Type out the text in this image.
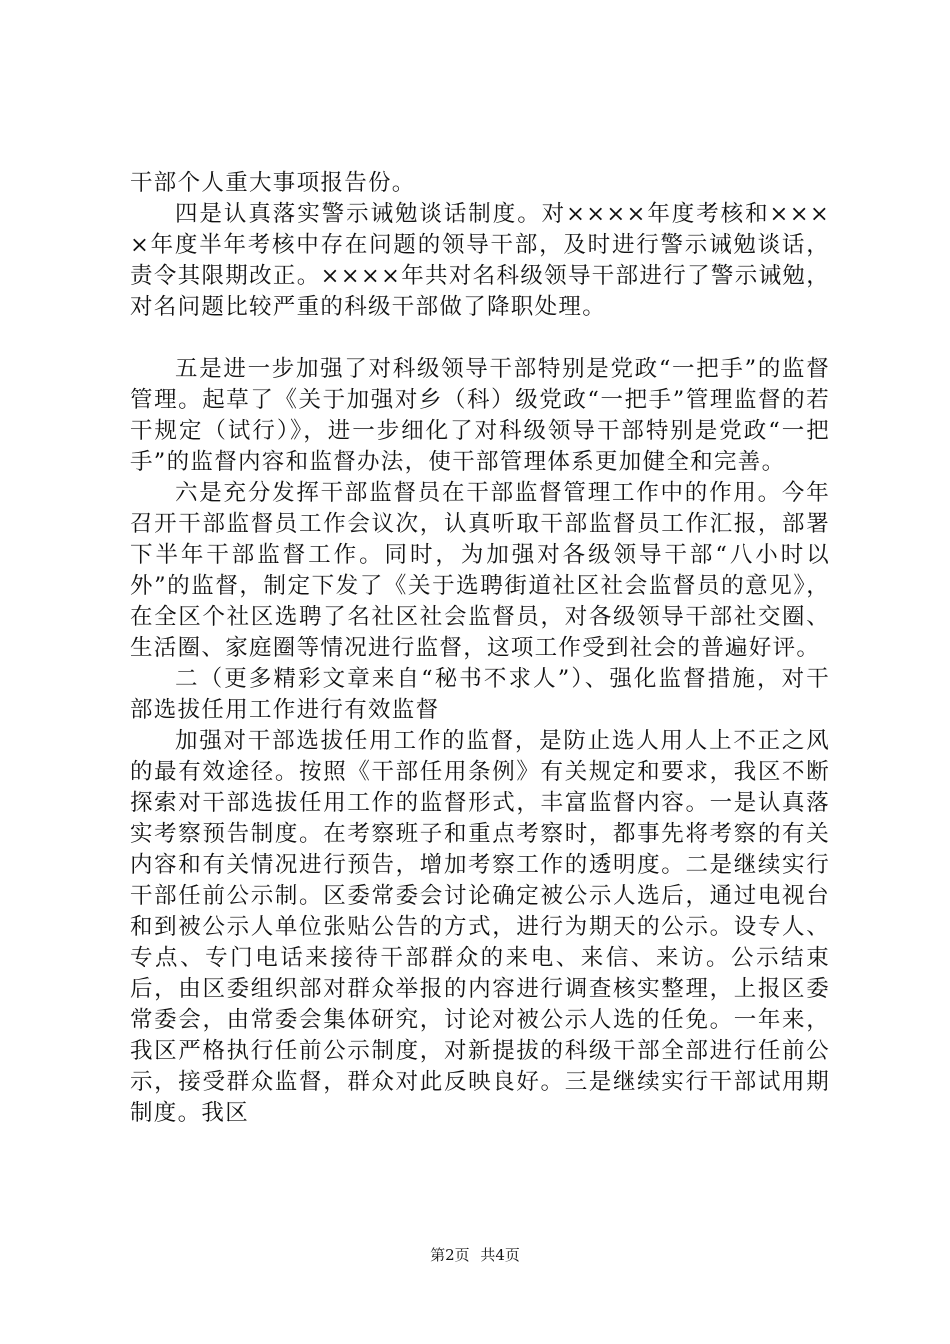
干部个人重大事项报告份。

四是认真落实警示诫勉谈话制度。对××××年度考核和××××年度半年考核中存在问题的领导干部，及时进行警示诫勉谈话，责令其限期改正。××××年共对名科级领导干部进行了警示诫勉，对名问题比较严重的科级干部做了降职处理。

五是进一步加强了对科级领导干部特别是党政“一把手”的监督管理。起草了《关于加强对乡（科）级党政“一把手”管理监督的若干规定（试行）》，进一步细化了对科级领导干部特别是党政“一把手”的监督内容和监督办法，使干部管理体系更加健全和完善。

六是充分发挥干部监督员在干部监督管理工作中的作用。今年召开干部监督员工作会议次，认真听取干部监督员工作汇报，部署下半年干部监督工作。同时，为加强对各级领导干部“八小时以外”的监督，制定下发了《关于选聘街道社区社会监督员的意见》，在全区个社区选聘了名社区社会监督员，对各级领导干部社交圈、生活圈、家庭圈等情况进行监督，这项工作受到社会的普遍好评。

二（更多精彩文章来自“秘书不求人”）、强化监督措施，对干部选拔任用工作进行有效监督

加强对干部选拔任用工作的监督，是防止选人用人上不正之风的最有效途径。按照《干部任用条例》有关规定和要求，我区不断探索对干部选拔任用工作的监督形式，丰富监督内容。一是认真落实考察预告制度。在考察班子和重点考察时，都事先将考察的有关内容和有关情况进行预告，增加考察工作的透明度。二是继续实行干部任前公示制。区委常委会讨论确定被公示人选后，通过电视台和到被公示人单位张贴公告的方式，进行为期天的公示。设专人、专点、专门电话来接待干部群众的来电、来信、来访。公示结束后，由区委组织部对群众举报的内容进行调查核实整理，上报区委常委会，由常委会集体研究，讨论对被公示人选的任免。一年来，我区严格执行任前公示制度，对新提拔的科级干部全部进行任前公示，接受群众监督，群众对此反映良好。三是继续实行干部试用期制度。我区

第2页 共4页
